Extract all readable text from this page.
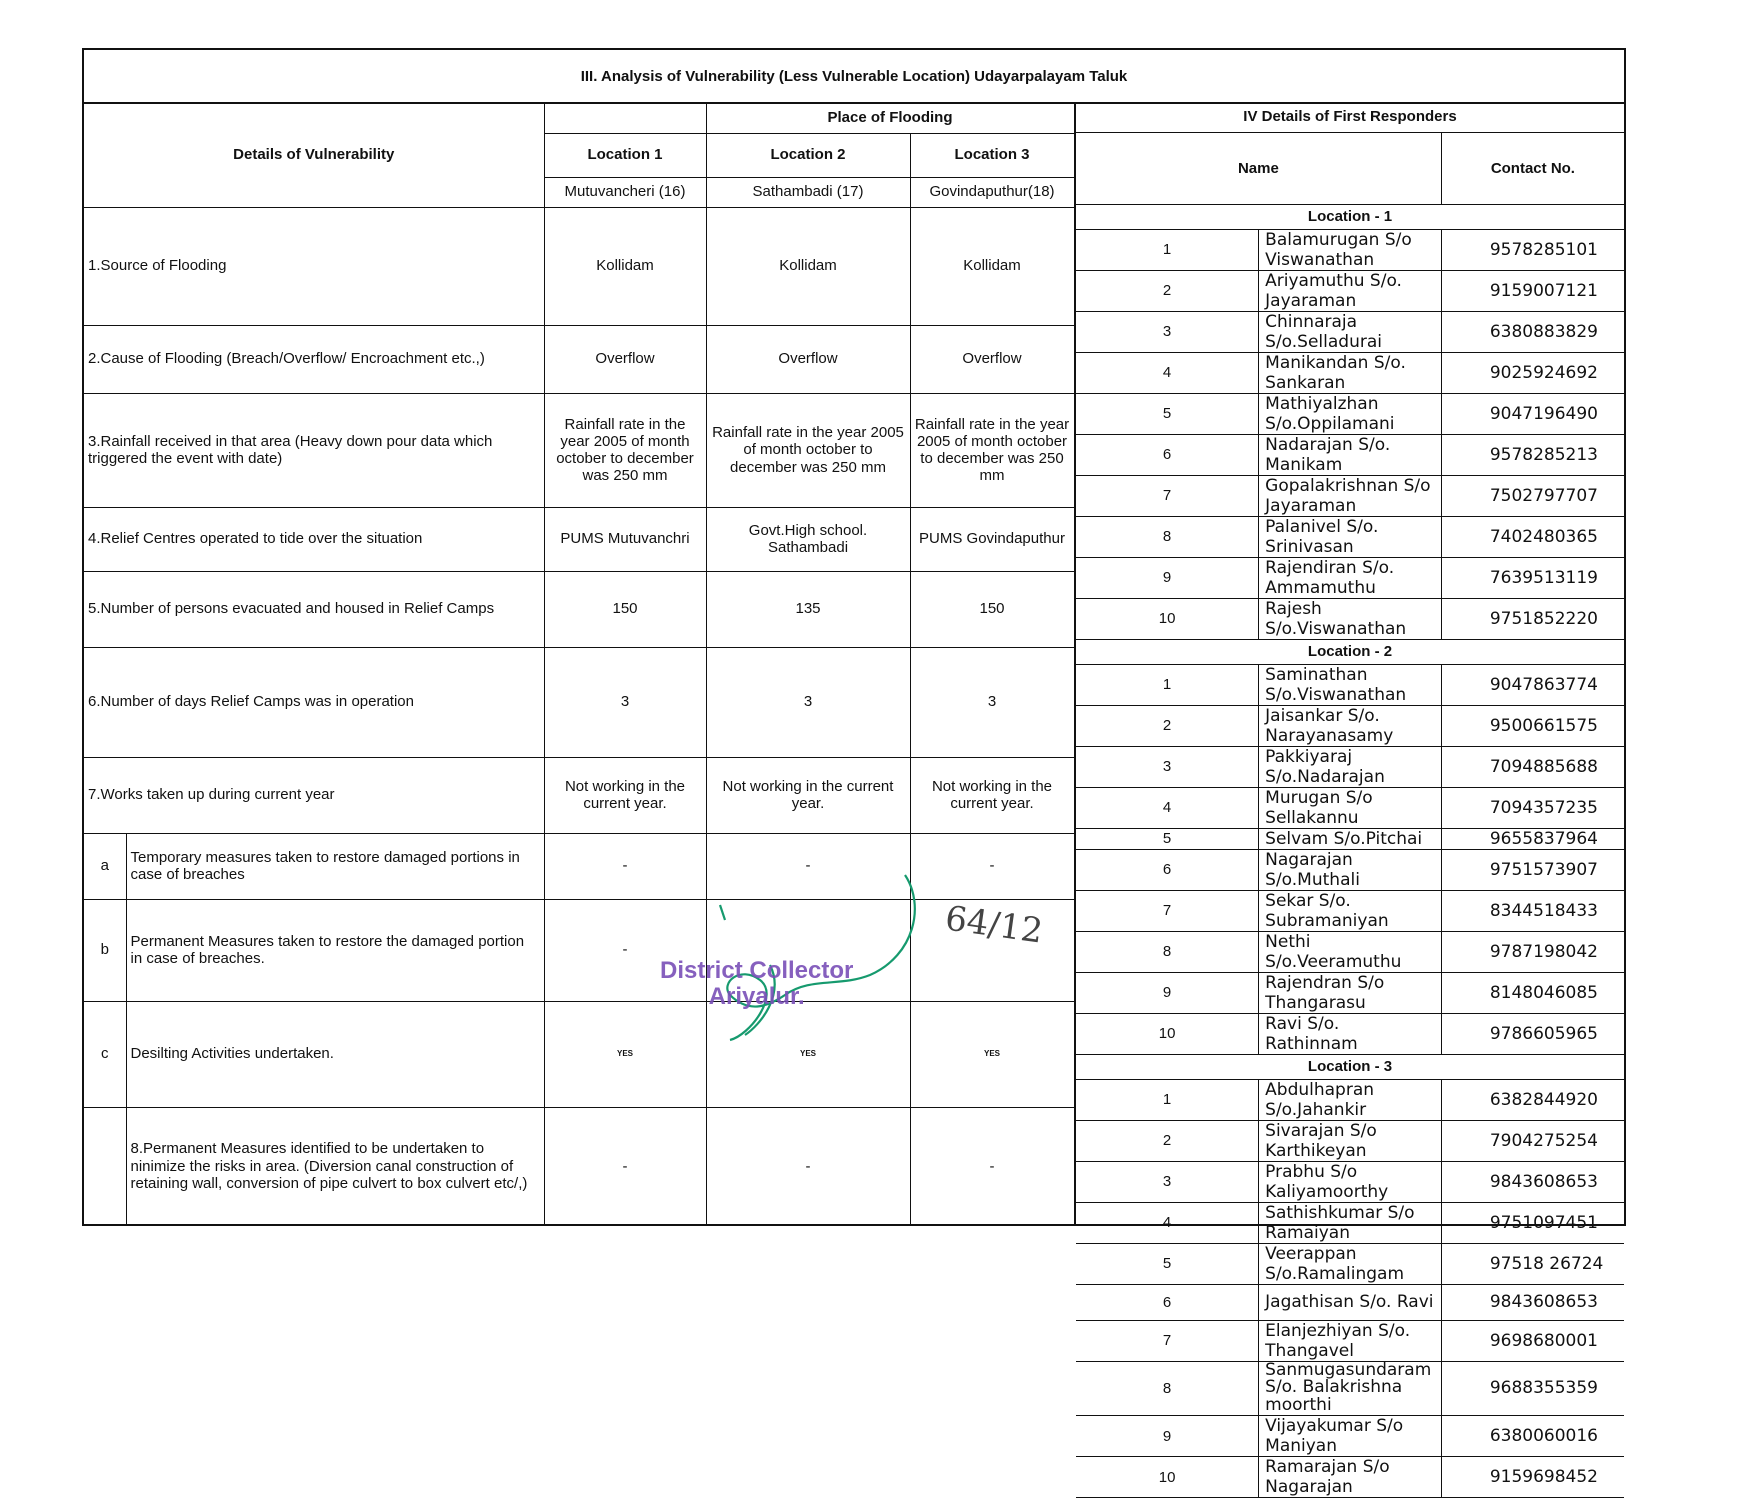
III. Analysis of Vulnerability (Less Vulnerable Location) Udayarpalayam Taluk
Details of Vulnerability			Place of Flooding	
		Location 1	Location 2	Location 3
		Mutuvancheri (16)	Sathambadi (17)	Govindaputhur(18)
1.Source of Flooding		Kollidam	Kollidam	Kollidam
2.Cause of Flooding (Breach/Overflow/ Encroachment etc.,)		Overflow	Overflow	Overflow
3.Rainfall received in that area (Heavy down pour data which triggered the event with date)		Rainfall rate in the year 2005 of month october to december was 250 mm	Rainfall rate in the year 2005 of month october to december was 250 mm	Rainfall rate in the year 2005 of month october to december was 250 mm
4.Relief Centres operated to tide over the situation		PUMS Mutuvanchri	Govt.High school. Sathambadi	PUMS Govindaputhur
5.Number of persons evacuated and housed in Relief Camps		150	135	150
6.Number of days Relief Camps was in operation		3	3	3
7.Works taken up during current year		Not working in the current year.	Not working in the current year.	Not working in the current year.
a	Temporary measures taken to restore damaged portions in case of breaches	-	-	-
b	Permanent Measures taken to restore the damaged portion in case of breaches.	-		
c	Desilting Activities undertaken.	YES	YES	YES
	8.Permanent Measures identified to be undertaken to ninimize the risks in area. (Diversion canal construction of retaining wall, conversion of pipe culvert to box culvert etc/,)	-	-	-
IV Details of First Responders		
Name		Contact No.
Location - 1		
1	Balamurugan S/o Viswanathan	9578285101
2	Ariyamuthu S/o. Jayaraman	9159007121
3	Chinnaraja S/o.Selladurai	6380883829
4	Manikandan S/o. Sankaran	9025924692
5	Mathiyalzhan S/o.Oppilamani	9047196490
6	Nadarajan S/o. Manikam	9578285213
7	Gopalakrishnan S/o Jayaraman	7502797707
8	Palanivel S/o. Srinivasan	7402480365
9	Rajendiran S/o. Ammamuthu	7639513119
10	Rajesh S/o.Viswanathan	9751852220
Location - 2		
1	Saminathan S/o.Viswanathan	9047863774
2	Jaisankar S/o. Narayanasamy	9500661575
3	Pakkiyaraj S/o.Nadarajan	7094885688
4	Murugan S/o Sellakannu	7094357235
5	Selvam S/o.Pitchai	9655837964
6	Nagarajan S/o.Muthali	9751573907
7	Sekar S/o. Subramaniyan	8344518433
8	Nethi S/o.Veeramuthu	9787198042
9	Rajendran S/o Thangarasu	8148046085
10	Ravi S/o. Rathinnam	9786605965
Location - 3		
1	Abdulhapran S/o.Jahankir	6382844920
2	Sivarajan S/o Karthikeyan	7904275254
3	Prabhu S/o Kaliyamoorthy	9843608653
4	Sathishkumar S/o Ramaiyan	9751097451
5	Veerappan S/o.Ramalingam	97518 26724
6	Jagathisan S/o. Ravi	9843608653
7	Elanjezhiyan S/o. Thangavel	9698680001
8	Sanmugasundaram S/o. Balakrishna moorthi	9688355359
9	Vijayakumar S/o Maniyan	6380060016
10	Ramarajan S/o Nagarajan	9159698452
District Collector
Ariyalur.
64/12
